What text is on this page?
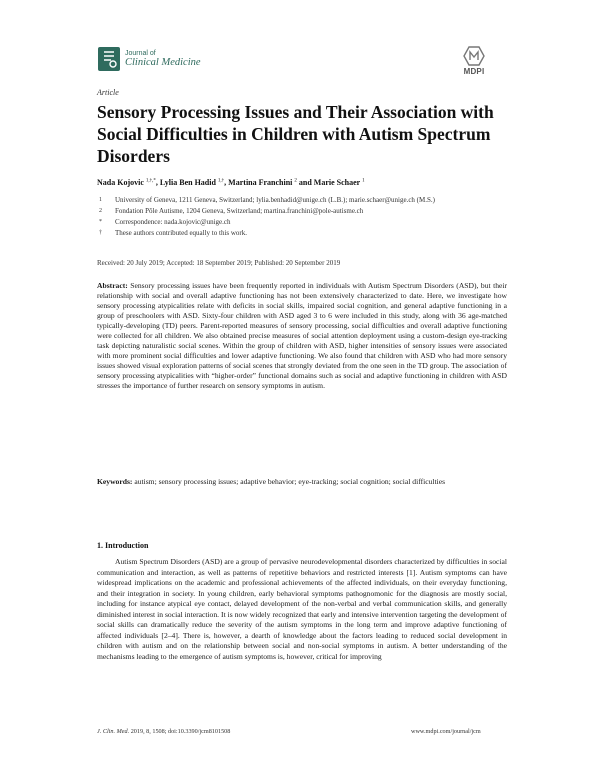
Journal of
Clinical Medicine
MDPI
Article
Sensory Processing Issues and Their Association with Social Difficulties in Children with Autism Spectrum Disorders
Nada Kojovic $^{1,\dagger,*}$, Lylia Ben Hadid $^{1,\dagger}$, Martina Franchini $^2$ and Marie Schaer $^1$
1	University of Geneva, 1211 Geneva, Switzerland; lylia.benhadid@unige.ch (L.B.); marie.schaer@unige.ch (M.S.)
2	Fondation Pôle Autisme, 1204 Geneva, Switzerland; martina.franchini@pole-autisme.ch
*	Correspondence: nada.kojovic@unige.ch
†	These authors contributed equally to this work.
Received: 20 July 2019; Accepted: 18 September 2019; Published: 20 September 2019
Abstract: Sensory processing issues have been frequently reported in individuals with Autism Spectrum Disorders (ASD), but their relationship with social and overall adaptive functioning has not been extensively characterized to date. Here, we investigate how sensory processing atypicalities relate with deficits in social skills, impaired social cognition, and general adaptive functioning in a group of preschoolers with ASD. Sixty-four children with ASD aged 3 to 6 were included in this study, along with 36 age-matched typically-developing (TD) peers. Parent-reported measures of sensory processing, social difficulties and overall adaptive functioning were collected for all children. We also obtained precise measures of social attention deployment using a custom-design eye-tracking task depicting naturalistic social scenes. Within the group of children with ASD, higher intensities of sensory issues were associated with more prominent social difficulties and lower adaptive functioning. We also found that children with ASD who had more sensory issues showed visual exploration patterns of social scenes that strongly deviated from the one seen in the TD group. The association of sensory processing atypicalities with “higher-order” functional domains such as social and adaptive functioning in children with ASD stresses the importance of further research on sensory symptoms in autism.
Keywords: autism; sensory processing issues; adaptive behavior; eye-tracking; social cognition; social difficulties
1. Introduction
Autism Spectrum Disorders (ASD) are a group of pervasive neurodevelopmental disorders characterized by difficulties in social communication and interaction, as well as patterns of repetitive behaviors and restricted interests [1]. Autism symptoms can have widespread implications on the academic and professional achievements of the affected individuals, on their everyday functioning, and their integration in society. In young children, early behavioral symptoms pathognomonic for the diagnosis are mostly social, including for instance atypical eye contact, delayed development of the non-verbal and verbal communication skills, and generally diminished interest in social interaction. It is now widely recognized that early and intensive intervention targeting the development of social skills can dramatically reduce the severity of the autism symptoms in the long term and improve adaptive functioning of affected individuals [2–4]. There is, however, a dearth of knowledge about the factors leading to reduced social development in children with autism and on the relationship between social and non-social symptoms in autism. A better understanding of the mechanisms leading to the emergence of autism symptoms is, however, critical for improving
J. Clin. Med. 2019, 8, 1508; doi:10.3390/jcm8101508	www.mdpi.com/journal/jcm
